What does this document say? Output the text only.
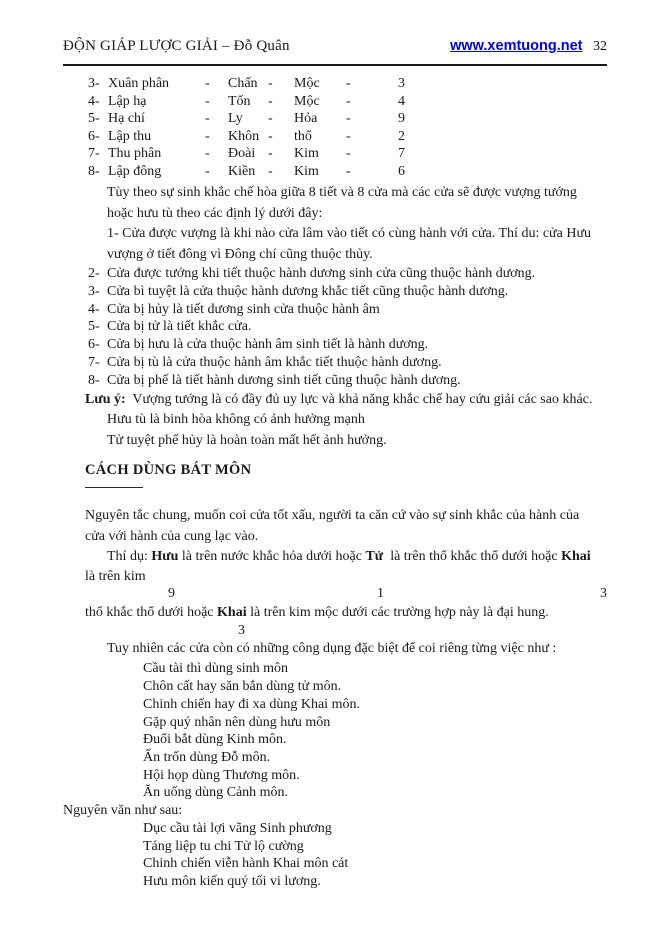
ĐỘN GIÁP LƯỢC GIẢI – Đỗ Quân	www.xemtuong.net 32
3- Xuân phân	-	Chấn -	Mộc	-	3
4- Lập hạ	-	Tốn	-	Mộc	-	4
5- Hạ chí	-	Ly	-	Hỏa	-	9
6- Lập thu	-	Khôn -	thổ	-	2
7- Thu phân	-	Đoài -	Kim	-	7
8- Lập đông	-	Kiền -	Kim	-	6
Tùy theo sự sinh khắc chế hòa giữa 8 tiết và 8 cửa mà các cửa sẽ được vượng tướng
hoặc hưu tù theo các định lý dưới đây:
1- Cửa được vượng là khi nào cửa lâm vào tiết có cùng hành với cửa. Thí du: cửa Hưu
vượng ở tiết đông vì Đông chí cũng thuộc thủy.
2- Cửa được tướng khi tiết thuộc hành dương sinh cửa cũng thuộc hành dương.
3- Cửa bì tuyệt là cửa thuộc hành dương khắc tiết cũng thuộc hành dương.
4- Cửa bị hủy là tiết dương sinh cửa thuộc hành âm
5- Cửa bị tử là tiết khắc cửa.
6- Cửa bị hưu là cửa thuộc hành âm sinh tiết là hành dương.
7- Cửa bị tù là cửa thuộc hành âm khắc tiết thuộc hành dương.
8- Cửa bị phế là tiết hành dương sinh tiết cũng thuộc hành dương.
Lưu ý:  Vượng tướng là có đầy đủ uy lực và khả năng khắc chế hay cứu giải các sao khác.
Hưu tù là binh hòa không có ảnh hưởng mạnh
Tử tuyệt phế hủy là hoàn toàn mất hết ảnh hưởng.
CÁCH DÙNG BÁT MÔN
Nguyên tắc chung, muốn coi cửa tốt xấu, người ta căn cứ vào sự sinh khắc của hành của
cửa với hành của cung lạc vào.
Thí dụ: Hưu là trên nước khắc hỏa dưới hoặc Tử  là trên thổ khắc thổ dưới hoặc Khai
là trên kim
9	1	3
thổ khắc thổ dưới hoặc Khai là trên kim mộc dưới các trường hợp này là đại hung.
3
Tuy nhiên các cửa còn có những công dụng đặc biệt để coi riêng từng việc như :
Cầu tài thì dùng sinh môn
Chôn cất hay săn bắn dùng tử môn.
Chinh chiến hay đi xa dùng Khai môn.
Gặp quý nhân nên dùng hưu môn
Đuổi bắt dùng Kinh môn.
Ẩn trốn dùng Đỗ môn.
Hội họp dùng Thương môn.
Ăn uống dùng Cảnh môn.
Nguyên văn như sau:
Dục cầu tài lợi vãng Sinh phương
Táng liệp tu chi Tử lộ cường
Chinh chiến viễn hành Khai môn cát
Hưu môn kiến quý tối vi lương.
